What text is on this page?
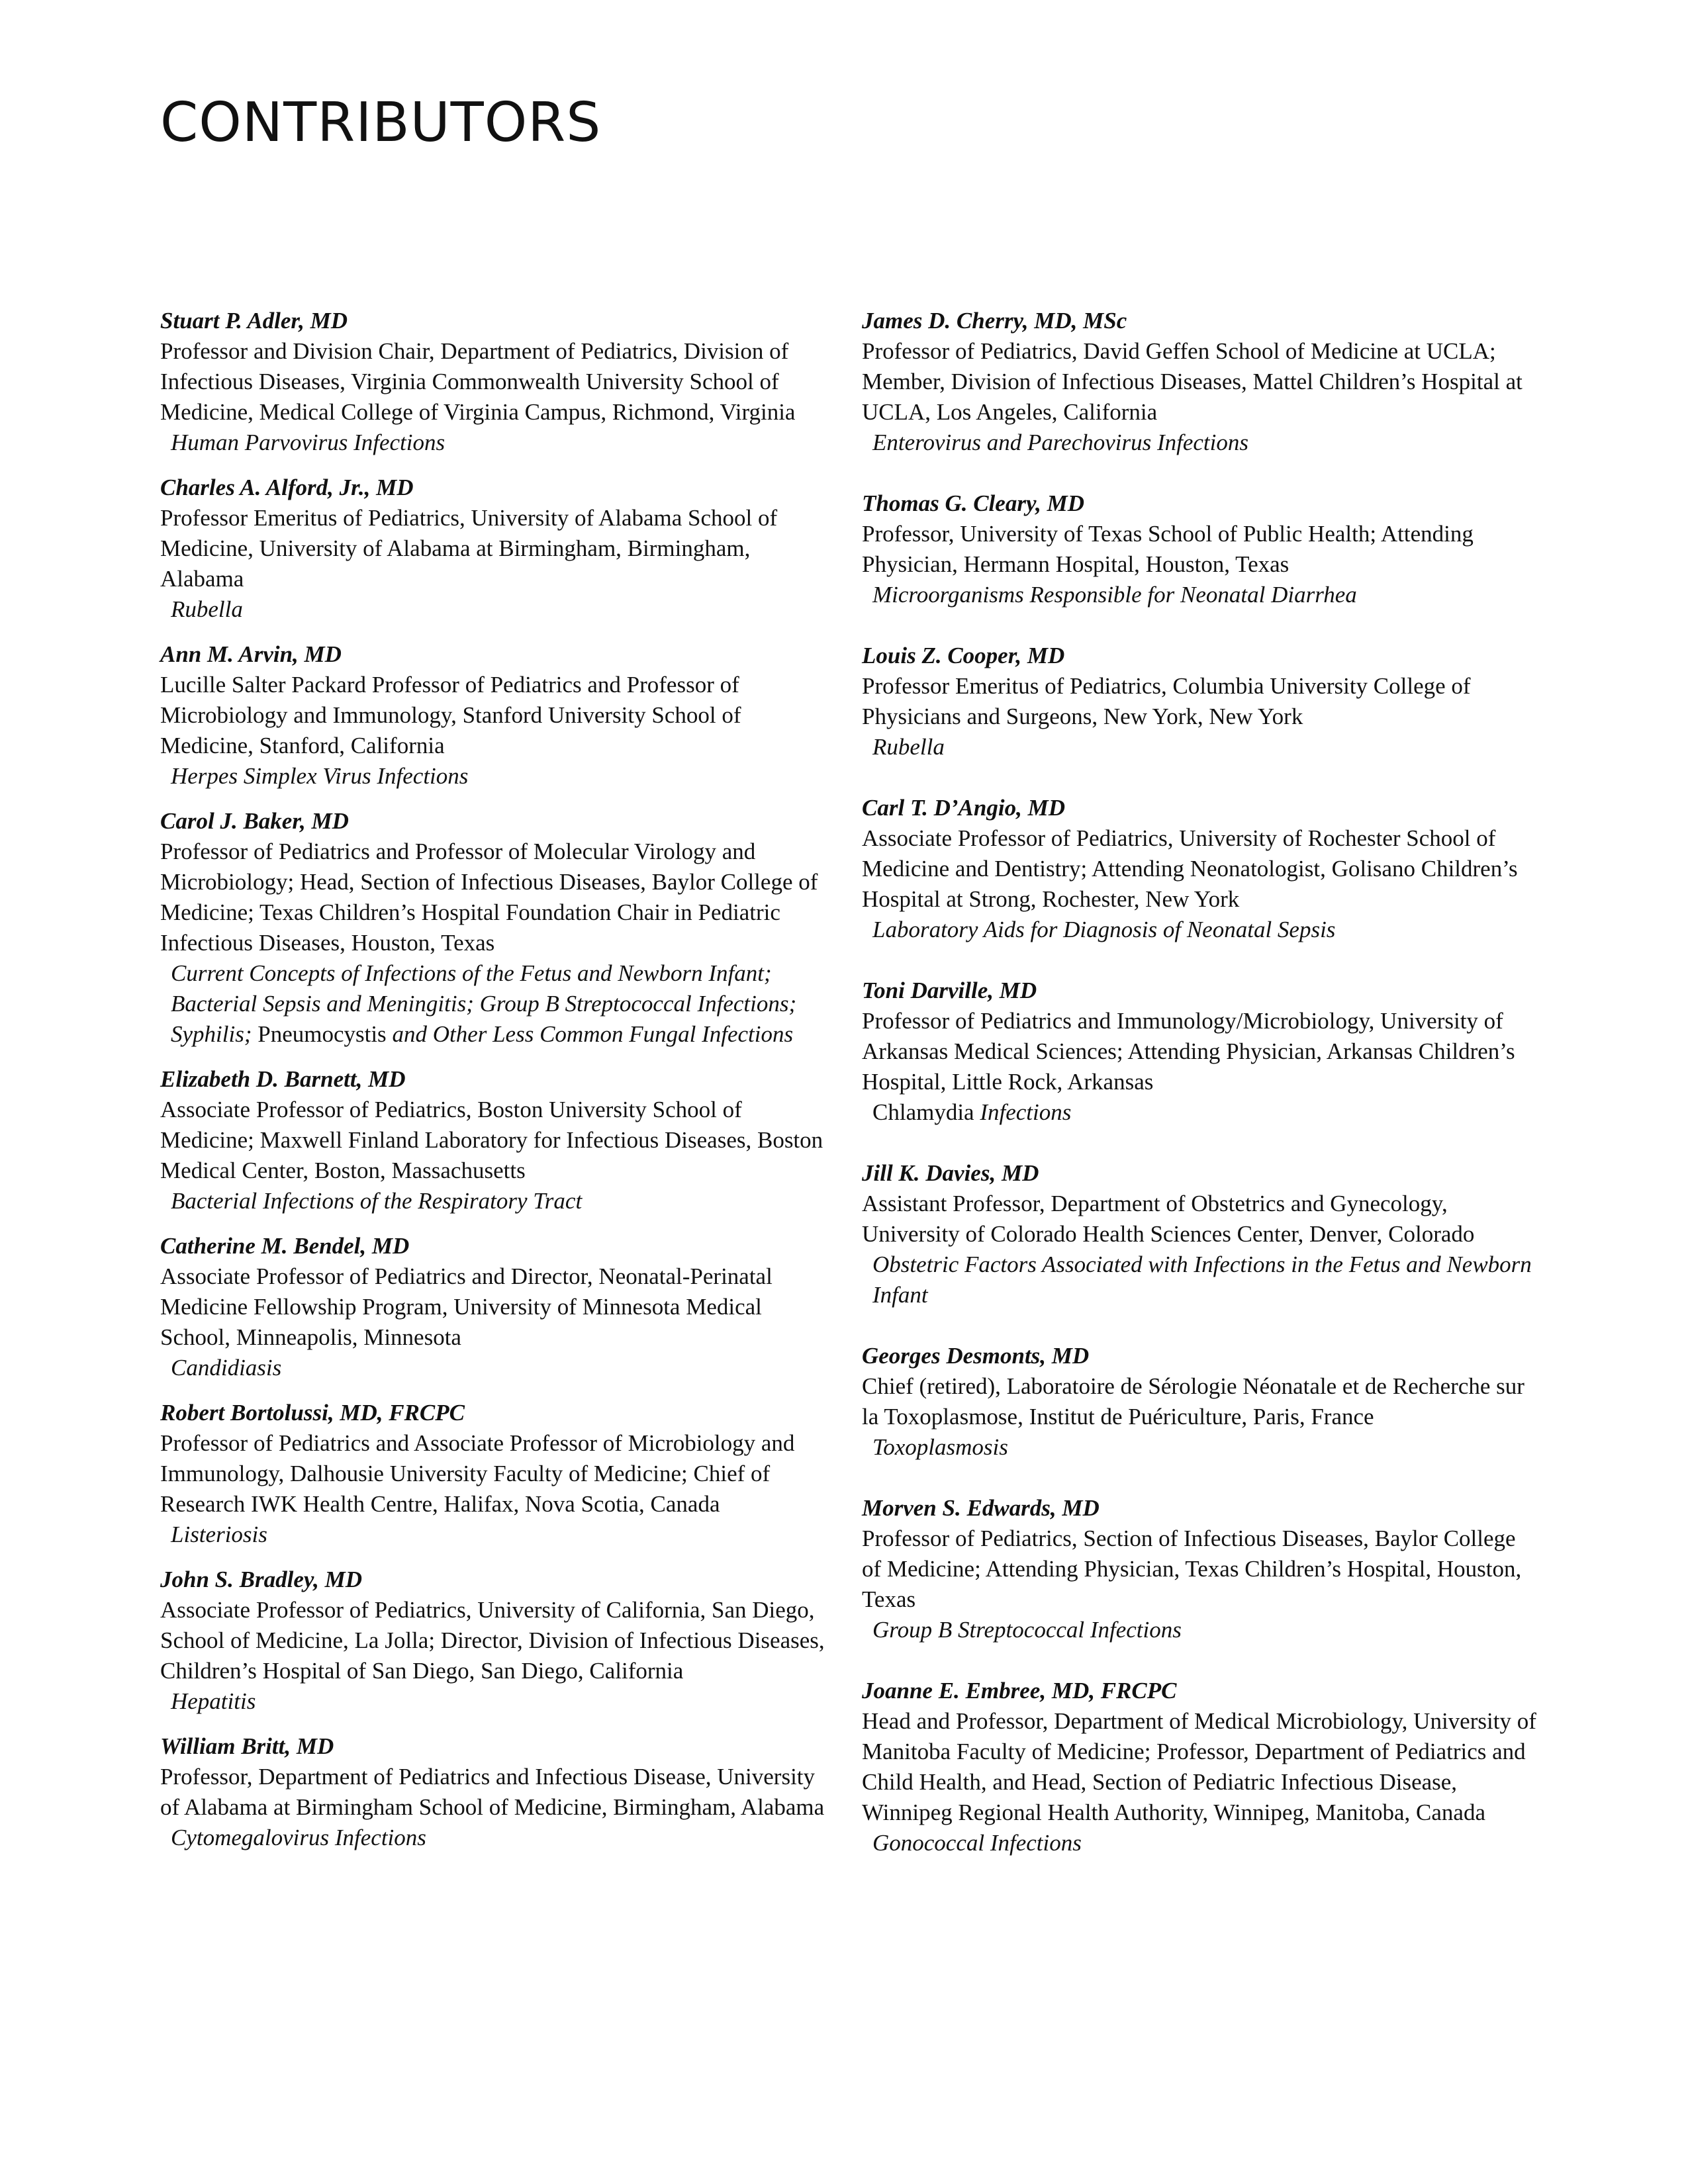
CONTRIBUTORS
Stuart P. Adler, MD
Professor and Division Chair, Department of Pediatrics, Division of Infectious Diseases, Virginia Commonwealth University School of Medicine, Medical College of Virginia Campus, Richmond, Virginia
Human Parvovirus Infections
Charles A. Alford, Jr., MD
Professor Emeritus of Pediatrics, University of Alabama School of Medicine, University of Alabama at Birmingham, Birmingham, Alabama
Rubella
Ann M. Arvin, MD
Lucille Salter Packard Professor of Pediatrics and Professor of Microbiology and Immunology, Stanford University School of Medicine, Stanford, California
Herpes Simplex Virus Infections
Carol J. Baker, MD
Professor of Pediatrics and Professor of Molecular Virology and Microbiology; Head, Section of Infectious Diseases, Baylor College of Medicine; Texas Children’s Hospital Foundation Chair in Pediatric Infectious Diseases, Houston, Texas
Current Concepts of Infections of the Fetus and Newborn Infant;
Bacterial Sepsis and Meningitis; Group B Streptococcal Infections;
Syphilis; Pneumocystis and Other Less Common Fungal Infections
Elizabeth D. Barnett, MD
Associate Professor of Pediatrics, Boston University School of Medicine; Maxwell Finland Laboratory for Infectious Diseases, Boston Medical Center, Boston, Massachusetts
Bacterial Infections of the Respiratory Tract
Catherine M. Bendel, MD
Associate Professor of Pediatrics and Director, Neonatal-Perinatal Medicine Fellowship Program, University of Minnesota Medical School, Minneapolis, Minnesota
Candidiasis
Robert Bortolussi, MD, FRCPC
Professor of Pediatrics and Associate Professor of Microbiology and Immunology, Dalhousie University Faculty of Medicine; Chief of Research IWK Health Centre, Halifax, Nova Scotia, Canada
Listeriosis
John S. Bradley, MD
Associate Professor of Pediatrics, University of California, San Diego, School of Medicine, La Jolla; Director, Division of Infectious Diseases, Children’s Hospital of San Diego, San Diego, California
Hepatitis
William Britt, MD
Professor, Department of Pediatrics and Infectious Disease, University of Alabama at Birmingham School of Medicine, Birmingham, Alabama
Cytomegalovirus Infections
James D. Cherry, MD, MSc
Professor of Pediatrics, David Geffen School of Medicine at UCLA; Member, Division of Infectious Diseases, Mattel Children’s Hospital at UCLA, Los Angeles, California
Enterovirus and Parechovirus Infections
Thomas G. Cleary, MD
Professor, University of Texas School of Public Health; Attending Physician, Hermann Hospital, Houston, Texas
Microorganisms Responsible for Neonatal Diarrhea
Louis Z. Cooper, MD
Professor Emeritus of Pediatrics, Columbia University College of Physicians and Surgeons, New York, New York
Rubella
Carl T. D’Angio, MD
Associate Professor of Pediatrics, University of Rochester School of Medicine and Dentistry; Attending Neonatologist, Golisano Children’s Hospital at Strong, Rochester, New York
Laboratory Aids for Diagnosis of Neonatal Sepsis
Toni Darville, MD
Professor of Pediatrics and Immunology/Microbiology, University of Arkansas Medical Sciences; Attending Physician, Arkansas Children’s Hospital, Little Rock, Arkansas
Chlamydia Infections
Jill K. Davies, MD
Assistant Professor, Department of Obstetrics and Gynecology, University of Colorado Health Sciences Center, Denver, Colorado
Obstetric Factors Associated with Infections in the Fetus and Newborn Infant
Georges Desmonts, MD
Chief (retired), Laboratoire de Sérologie Néonatale et de Recherche sur la Toxoplasmose, Institut de Puériculture, Paris, France
Toxoplasmosis
Morven S. Edwards, MD
Professor of Pediatrics, Section of Infectious Diseases, Baylor College of Medicine; Attending Physician, Texas Children’s Hospital, Houston, Texas
Group B Streptococcal Infections
Joanne E. Embree, MD, FRCPC
Head and Professor, Department of Medical Microbiology, University of Manitoba Faculty of Medicine; Professor, Department of Pediatrics and Child Health, and Head, Section of Pediatric Infectious Disease, Winnipeg Regional Health Authority, Winnipeg, Manitoba, Canada
Gonococcal Infections
